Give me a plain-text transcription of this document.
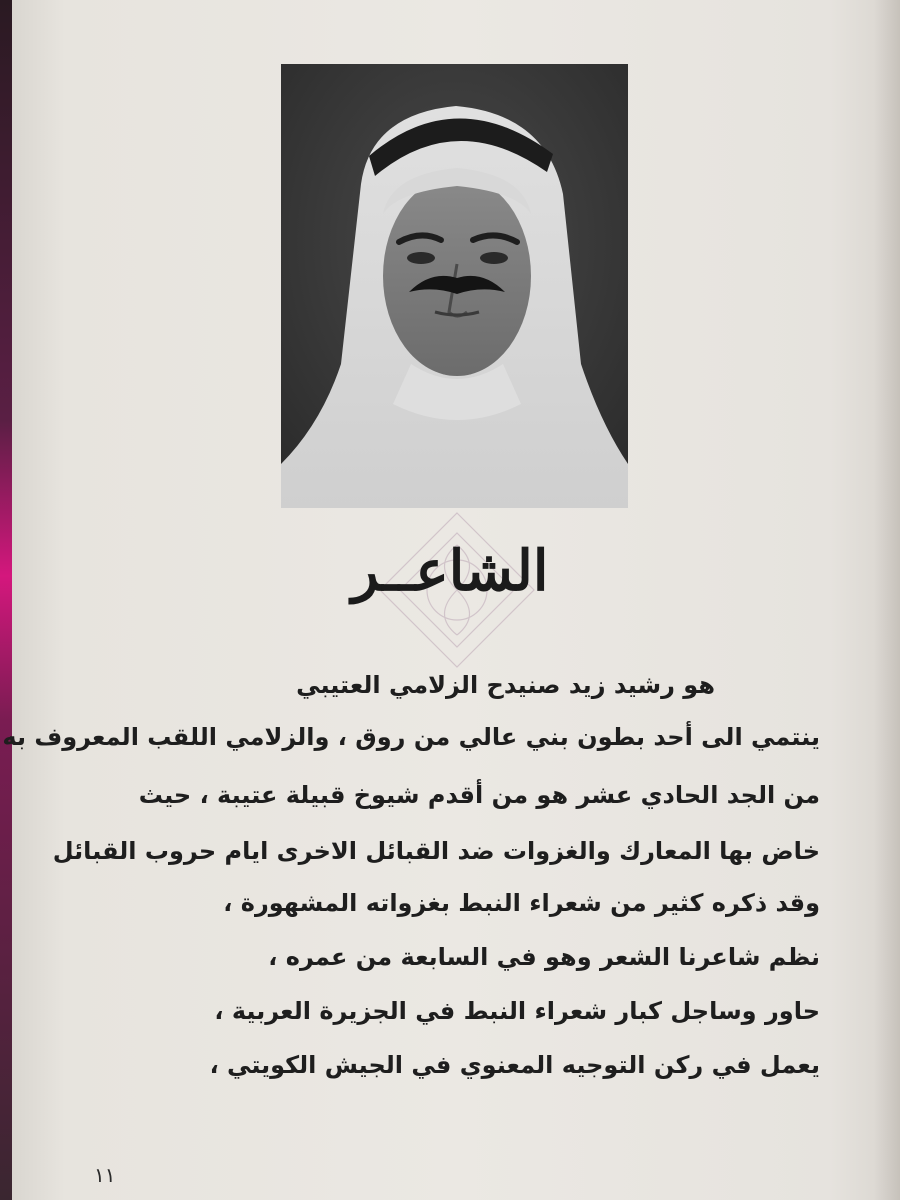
الشاعــر
هو رشيد زيد صنيدح الزلامي العتيبي
ينتمي الى أحد بطون بني عالي من روق ، والزلامي اللقب المعروف به
من الجد الحادي عشر هو من أقدم شيوخ قبيلة عتيبة ، حيث
خاض بها المعارك والغزوات ضد القبائل الاخرى ايام حروب القبائل
وقد ذكره كثير من شعراء النبط بغزواته المشهورة ،
نظم شاعرنا الشعر وهو في السابعة من عمره ،
حاور وساجل كبار شعراء النبط في الجزيرة العربية ،
يعمل في ركن التوجيه المعنوي في الجيش الكويتي ،
١١
